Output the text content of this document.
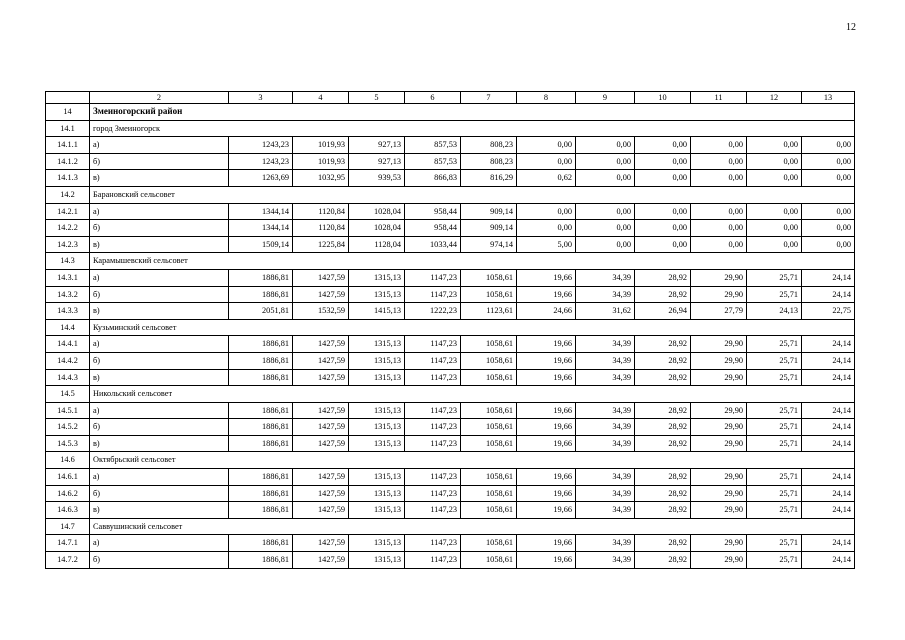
12
	2	3	4	5	6	7	8	9	10	11	12	13
14	Змеиногорский район											
14.1	город Змеиногорск											
14.1.1	а)	1243,23	1019,93	927,13	857,53	808,23	0,00	0,00	0,00	0,00	0,00	0,00
14.1.2	б)	1243,23	1019,93	927,13	857,53	808,23	0,00	0,00	0,00	0,00	0,00	0,00
14.1.3	в)	1263,69	1032,95	939,53	866,83	816,29	0,62	0,00	0,00	0,00	0,00	0,00
14.2	Барановский сельсовет											
14.2.1	а)	1344,14	1120,84	1028,04	958,44	909,14	0,00	0,00	0,00	0,00	0,00	0,00
14.2.2	б)	1344,14	1120,84	1028,04	958,44	909,14	0,00	0,00	0,00	0,00	0,00	0,00
14.2.3	в)	1509,14	1225,84	1128,04	1033,44	974,14	5,00	0,00	0,00	0,00	0,00	0,00
14.3	Карамышевский сельсовет											
14.3.1	а)	1886,81	1427,59	1315,13	1147,23	1058,61	19,66	34,39	28,92	29,90	25,71	24,14
14.3.2	б)	1886,81	1427,59	1315,13	1147,23	1058,61	19,66	34,39	28,92	29,90	25,71	24,14
14.3.3	в)	2051,81	1532,59	1415,13	1222,23	1123,61	24,66	31,62	26,94	27,79	24,13	22,75
14.4	Кузьминский сельсовет											
14.4.1	а)	1886,81	1427,59	1315,13	1147,23	1058,61	19,66	34,39	28,92	29,90	25,71	24,14
14.4.2	б)	1886,81	1427,59	1315,13	1147,23	1058,61	19,66	34,39	28,92	29,90	25,71	24,14
14.4.3	в)	1886,81	1427,59	1315,13	1147,23	1058,61	19,66	34,39	28,92	29,90	25,71	24,14
14.5	Никольский сельсовет											
14.5.1	а)	1886,81	1427,59	1315,13	1147,23	1058,61	19,66	34,39	28,92	29,90	25,71	24,14
14.5.2	б)	1886,81	1427,59	1315,13	1147,23	1058,61	19,66	34,39	28,92	29,90	25,71	24,14
14.5.3	в)	1886,81	1427,59	1315,13	1147,23	1058,61	19,66	34,39	28,92	29,90	25,71	24,14
14.6	Октябрьский сельсовет											
14.6.1	а)	1886,81	1427,59	1315,13	1147,23	1058,61	19,66	34,39	28,92	29,90	25,71	24,14
14.6.2	б)	1886,81	1427,59	1315,13	1147,23	1058,61	19,66	34,39	28,92	29,90	25,71	24,14
14.6.3	в)	1886,81	1427,59	1315,13	1147,23	1058,61	19,66	34,39	28,92	29,90	25,71	24,14
14.7	Саввушинский сельсовет											
14.7.1	а)	1886,81	1427,59	1315,13	1147,23	1058,61	19,66	34,39	28,92	29,90	25,71	24,14
14.7.2	б)	1886,81	1427,59	1315,13	1147,23	1058,61	19,66	34,39	28,92	29,90	25,71	24,14
